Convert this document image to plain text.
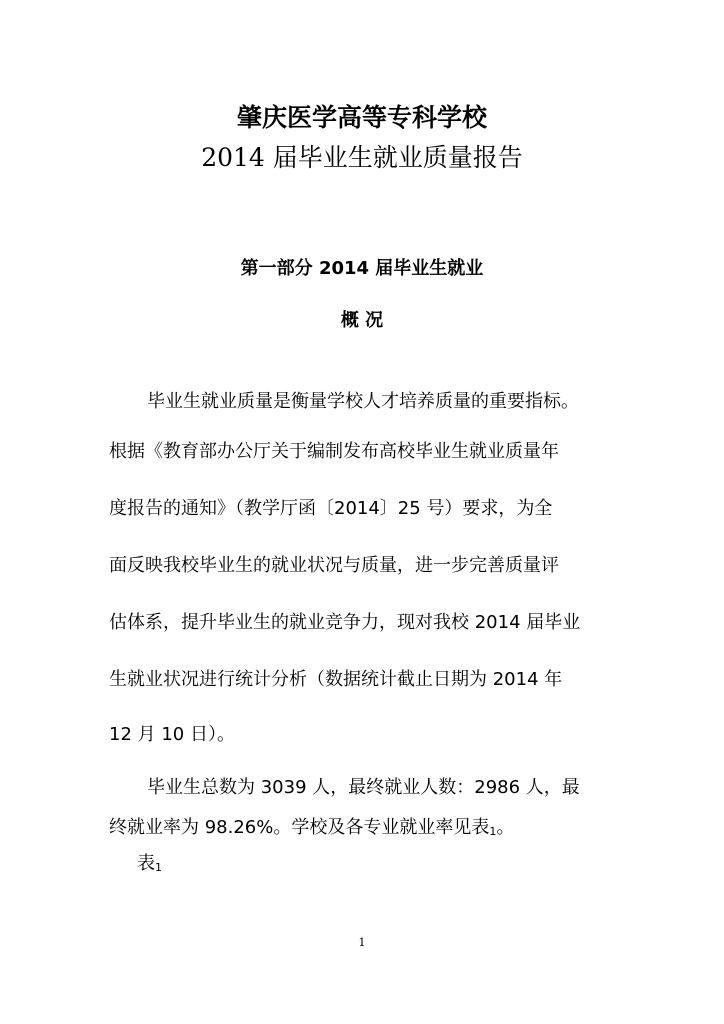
肇庆医学高等专科学校
2014 届毕业生就业质量报告
第一部分 2014 届毕业生就业
概 况
毕业生就业质量是衡量学校人才培养质量的重要指标。
根据《教育部办公厅关于编制发布高校毕业生就业质量年
度报告的通知》（教学厅函〔2014〕25 号）要求，为全
面反映我校毕业生的就业状况与质量，进一步完善质量评
估体系，提升毕业生的就业竞争力，现对我校 2014 届毕业
生就业状况进行统计分析（数据统计截止日期为 2014 年
12 月 10 日）。
毕业生总数为 3039 人，最终就业人数：2986 人，最
终就业率为 98.26%。学校及各专业就业率见表1。
表1
1
